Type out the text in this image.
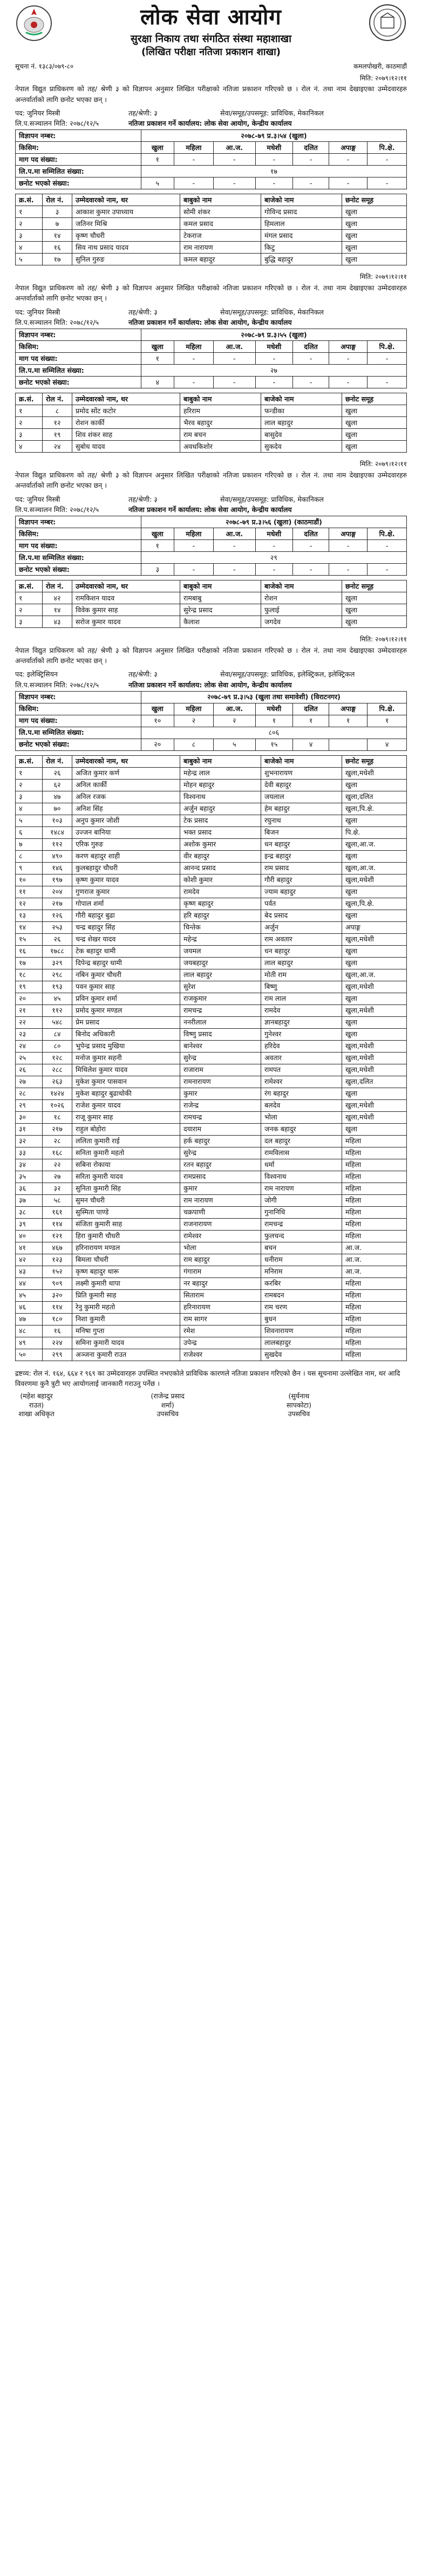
लोक सेवा आयोग
सुरक्षा निकाय तथा संगठित संस्था महाशाखा
(लिखित परीक्षा नतिजा प्रकाशन शाखा)
सूचना नं. १३८३/०७९-८०	कमलपोखरी, काठमाडौं
मिति: २०७९।१२।११
नेपाल विद्युत प्राधिकरण को तह/ श्रेणी ३ को विज्ञापन अनुसार लिखित परीक्षाको नतिजा प्रकाशन गरिएको छ । रोल नं. तथा नाम देखाइएका उम्मेदवारहरु अन्तर्वार्ताको लागि छनोट भएका छन् ।
पद: जुनियर मिस्त्री	तह/श्रेणी: ३	सेवा/समूह/उपसमूह: प्राविधिक, मेकानिकल
लि.प.सञ्चालन मिति: २०७८/१२/५	नतिजा प्रकाशन गर्ने कार्यालय: लोक सेवा आयोग, केन्द्रीय कार्यालय
विज्ञापन नम्बर:	२०७८-७९ प्र.३।५४ (खुला)						
किसिम:	खुला	महिला	आ.ज.	मधेशी	दलित	अपाङ्ग	पि.क्षे.
माग पद संख्या:	१	-	-	-	-	-	-
लि.प.मा सम्मिलित संख्या:	१७						
छनोट भएको संख्या:	५	-	-	-	-	-	-
क्र.सं.	रोल नं.	उम्मेदवारको नाम, थर	बाबुको नाम	बाजेको नाम	छनोट समूह
१	३	आकाश कुमार उपाध्याय	सोमी शंकर	गोविन्द प्रसाद	खुला
२	७	जतिनर मिश्रि	कमल प्रसाद	हिमलाल	खुला
३	१४	कृष्ण चौधरी	टेकराज	मंगल प्रसाद	खुला
४	१६	सिव नाथ प्रसाद यादव	राम नारायण	किटु	खुला
५	१७	सुनिल गुरुङ	कमल बहादुर	बुद्धि बहादुर	खुला
मिति: २०७९।१२।११
नेपाल विद्युत प्राधिकरण को तह/ श्रेणी ३ को विज्ञापन अनुसार लिखित परीक्षाको नतिजा प्रकाशन गरिएको छ । रोल नं. तथा नाम देखाइएका उम्मेदवारहरु अन्तर्वार्ताको लागि छनोट भएका छन् ।
पद: जुनियर मिस्त्री	तह/श्रेणी: ३	सेवा/समूह/उपसमूह: प्राविधिक, मेकानिकल
लि.प.सञ्चालन मिति: २०७८/१२/५	नतिजा प्रकाशन गर्ने कार्यालय: लोक सेवा आयोग, केन्द्रीय कार्यालय
विज्ञापन नम्बर:	२०७८-७९ प्र.३।५५ (खुला)						
किसिम:	खुला	महिला	आ.ज.	मधेशी	दलित	अपाङ्ग	पि.क्षे.
माग पद संख्या:	१	-	-	-	-	-	-
लि.प.मा सम्मिलित संख्या:	२७						
छनोट भएको संख्या:	४	-	-	-	-	-	-
क्र.सं.	रोल नं.	उम्मेदवारको नाम, थर	बाबुको नाम	बाजेको नाम	छनोट समूह
१	८	प्रमोद सोंट कटोर	हरिराम	फन्डीका	खुला
२	१२	रोशन कार्की	भैरव बहादुर	लाल बहादुर	खुला
३	१९	शिव शंकर साह	राम बचन	बासुदेव	खुला
४	२४	सुबोध यादव	अवधकिशोर	सुकदेव	खुला
मिति: २०७९।१२।११
नेपाल विद्युत प्राधिकरण को तह/ श्रेणी ३ को विज्ञापन अनुसार लिखित परीक्षाको नतिजा प्रकाशन गरिएको छ । रोल नं. तथा नाम देखाइएका उम्मेदवारहरु अन्तर्वार्ताको लागि छनोट भएका छन् ।
पद: जुनियर मिस्त्री	तह/श्रेणी: ३	सेवा/समूह/उपसमूह: प्राविधिक, मेकानिकल
लि.प.सञ्चालन मिति: २०७८/१२/५	नतिजा प्रकाशन गर्ने कार्यालय: लोक सेवा आयोग, केन्द्रीय कार्यालय
विज्ञापन नम्बर:	२०७८-७९ प्र.३।५६ (खुला) (काठमाडौं)						
किसिम:	खुला	महिला	आ.ज.	मधेशी	दलित	अपाङ्ग	पि.क्षे.
माग पद संख्या:	१	-	-	-	-	-	-
लि.प.मा सम्मिलित संख्या:	२९						
छनोट भएको संख्या:	३	-	-	-	-	-	-
क्र.सं.	रोल नं.	उम्मेदवारको नाम, थर	बाबुको नाम	बाजेको नाम	छनोट समूह
१	४२	रामकिशन यादव	रामबाबु	रोशन	खुला
२	१४	विवेक कुमार साह	सुरेन्द्र प्रसाद	फुलाई	खुला
३	४३	सरोज कुमार यादव	कैलाश	जगदेव	खुला
मिति: २०७९।१२।११
नेपाल विद्युत प्राधिकरण को तह/ श्रेणी ३ को विज्ञापन अनुसार लिखित परीक्षाको नतिजा प्रकाशन गरिएको छ । रोल नं. तथा नाम देखाइएका उम्मेदवारहरु अन्तर्वार्ताको लागि छनोट भएका छन् ।
पद: इलेक्ट्रिसियन	तह/श्रेणी: ३	सेवा/समूह/उपसमूह: प्राविधिक, इलेक्ट्रिकल, इलेक्ट्रिकल
लि.प.सञ्चालन मिति: २०७८/१२/५	नतिजा प्रकाशन गर्ने कार्यालय: लोक सेवा आयोग, केन्द्रीय कार्यालय
विज्ञापन नम्बर:	२०७८-७९ प्र.३।५३ (खुला तथा समावेशी) (विराटनगर)						
किसिम:	खुला	महिला	आ.ज.	मधेशी	दलित	अपाङ्ग	पि.क्षे.
माग पद संख्या:	१०	२	२	१	१	१	१
लि.प.मा सम्मिलित संख्या:	८०६						
छनोट भएको संख्या:	२०	८	५	१५	४		४
क्र.सं.	रोल नं.	उम्मेदवारको नाम, थर	बाबुको नाम	बाजेको नाम	छनोट समूह
१	२६	अजित कुमार कर्ण	महेन्द्र लाल	शुभनारायण	खुला,मधेशी
२	६२	अनिल कार्की	मोहन बहादुर	देवी बहादुर	खुला
३	४७	अनिल रजक	विश्वनाथ	जयलाल	खुला,दलित
४	७०	अनिश सिंह	अर्जुन बहादुर	हेम बहादुर	खुला,पि.क्षे.
५	१०३	अनुप कुमार जोशी	टेक प्रसाद	रघुनाथ	खुला
६	१४८४	उज्जन बानिया	भक्त प्रसाद	बिजन	पि.क्षे.
७	११२	एरिक गुरुङ	अशोक कुमार	धन बहादुर	खुला,आ.ज.
८	४९०	करण बहादुर शाही	वीर बहादुर	इन्द्र बहादुर	खुला
९	१४६	कुलबहादुर चौधरी	आनन्द प्रसाद	राम प्रसाद	खुला,आ.ज.
१०	१९७	कृष्ण कुमार यादव	कोशी कुमार	गौरी बहादुर	खुला,मधेशी
११	२०४	गुणराज कुमार	रामदेव	ज्याम बहादुर	खुला
१२	२१७	गोपाल शर्मा	कृष्ण बहादुर	पर्वत	खुला,पि.क्षे.
१३	१२६	गौरी बहादुर बुढा	हरि बहादुर	बेद प्रसाद	खुला
१४	२५३	चन्द्र बहादुर सिंह	चिन्तेक	अर्जुन	अपाङ्ग
१५	२६	चन्द्र शेखर यादव	महेन्द्र	राम अवतार	खुला,मधेशी
१६	१७८८	टेक बहादुर धामी	जयमल	धन बहादुर	खुला
१७	३२९	दिपेन्द्र बहादुर धामी	जयबहादुर	लाल बहादुर	खुला
१८	२९८	नबिन कुमार चौधरी	लाल बहादुर	मोती राम	खुला,आ.ज.
१९	१९३	पवन कुमार साह	सुरेश	बिष्णु	खुला,मधेशी
२०	४५	प्रविन कुमार शर्मा	राजकुमार	राम लाल	खुला
२१	११२	प्रमोद कुमार मण्डल	रामचन्द्र	रामदेव	खुला,मधेशी
२२	५४८	प्रेम प्रसाद	ननरीलाल	ज्ञानबहादुर	खुला
२३	८४	बिनोद अधिकारी	विष्णु प्रसाद	गुनेश्वर	खुला
२४	८०	भुपेन्द्र प्रसाद मुखिया	बानेश्वर	हरिदेव	खुला,मधेशी
२५	१२८	मनोज कुमार सहनी	सुरेन्द्र	अवतार	खुला,मधेशी
२६	२८८	मिथिलेश कुमार यादव	राजाराम	रामपत	खुला,मधेशी
२७	२६३	मुकेश कुमार पासवान	रामनारायण	रामेश्वर	खुला,दलित
२८	१४२४	मुकेश बहादुर बुढाथोकी	कुमार	रंग बहादुर	खुला
२९	१०२६	राजेश कुमार यादव	राजेन्द्र	बलदेव	खुला,मधेशी
३०	१८	राजू कुमार साह	रामचन्द्र	भोला	खुला,मधेशी
३१	२१७	राहुल बोहोरा	दयाराम	जनक बहादुर	खुला
३२	२८	ललिता कुमारी राई	हर्क बहादुर	दल बहादुर	महिला
३३	१६८	सनिता कुमारी महतो	सुरेन्द्र	रामविलास	महिला
३४	२२	सबिना रोकाया	रतन बहादुर	धर्मा	महिला
३५	२७	सरिता कुमारी यादव	रामप्रसाद	विश्वनाथ	महिला
३६	३२	सुनिता कुमारी सिंह	कुमार	राम नारायण	महिला
३७	५८	सुमन चौधरी	राम नारायण	जोगी	महिला
३८	१६१	सुस्मिता पाण्डे	चक्रपाणी	गुनानिधि	महिला
३९	११४	संजिता कुमारी साह	राजनारायण	रामचन्द्र	महिला
४०	१२१	हिरा कुमारी चौधरी	रामेश्वर	फुलचन्द	महिला
४१	४६७	हरिनारायण मण्डल	भोला	बचन	आ.ज.
४२	१२३	बिमला चौधरी	राम बहादुर	धनीराम	आ.ज.
४३	१५२	कृष्ण बहादुर थारू	गंगाराम	मनिराम	आ.ज.
४४	९०९	लक्ष्मी कुमारी थापा	नर बहादुर	करबिर	महिला
४५	३२०	प्रिति कुमारी साह	सिताराम	रामबदन	महिला
४६	११४	रेनु कुमारी महतो	हरिनारायण	राम चरण	महिला
४७	१८०	निशा कुमारी	राम सागर	बुधन	महिला
४८	१६	मनिषा गुप्ता	रमेश	शिवनारायण	महिला
४९	२२४	समिना कुमारी यादव	उपेन्द्र	लालबहादुर	महिला
५०	२९९	अञ्जना कुमारी राउत	राजेश्वर	सुखदेव	महिला
द्रष्टव्य: रोल नं. १६४, ६६४ र ९६९ का उम्मेदवारहरु उपस्थित नभएकोले प्राविधिक कारणले नतिजा प्रकाशन गरिएको छैन । यस सूचनामा उल्लेखित नाम, थर आदि विवरणमा कुनै त्रुटी भए आयोगलाई जानकारी गराउनु पर्नेछ ।
(महेश बहादुर राउत)
शाखा अधिकृत
(राजेन्द्र प्रसाद शर्मा)
उपसचिव
(सुर्यनाथ सापकोटा)
उपसचिव
